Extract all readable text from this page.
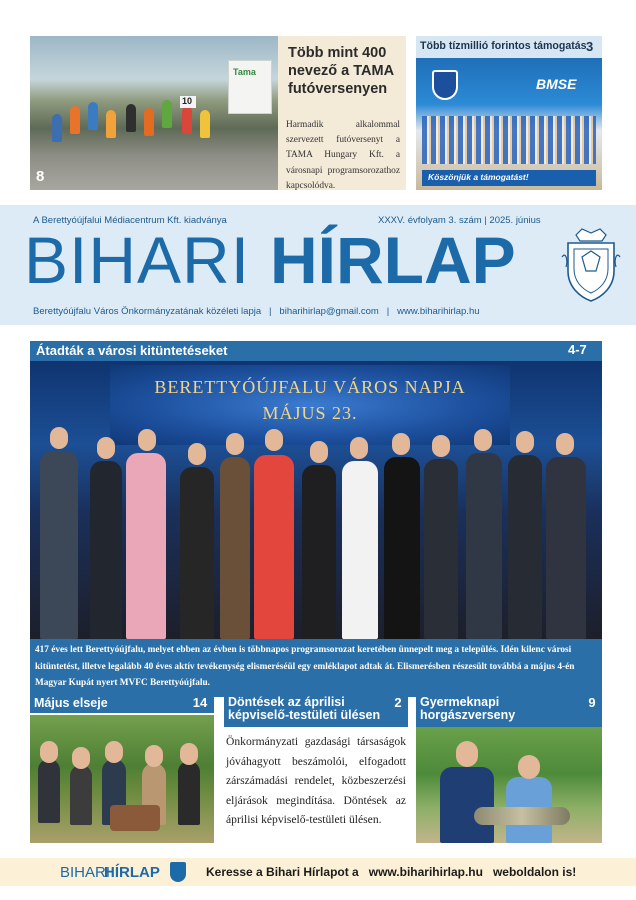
10
Tama
8
Több mint 400 nevező a TAMA futóversenyen
Harmadik alkalommal szervezett futóversenyt a TAMA Hungary Kft. a városnapi programsorozathoz kapcsolódva.
Több tízmillió forintos támogatás 3
BMSE
Köszönjük a támogatást!
A Berettyóújfalui Médiacentrum Kft. kiadványa	XXXV. évfolyam 3. szám | 2025. június
BIHARI HÍRLAP
Berettyóújfalu Város Önkormányzatának közéleti lapja   |   biharihirlap@gmail.com   |   www.biharihirlap.hu
Átadták a városi kitüntetéseket	4-7
BERETTYÓÚJFALU VÁROS NAPJA
MÁJUS 23.
417 éves lett Berettyóújfalu, melyet ebben az évben is többnapos programsorozat keretében ünnepelt meg a település. Idén kilenc városi kitüntetést, illetve legalább 40 éves aktív tevékenység elismeréséül egy emléklapot adtak át. Elismerésben részesült továbbá a május 4-én Magyar Kupát nyert MVFC Berettyóújfalu.
Május elseje	14 Döntések az áprilisi képviselő-testületi ülésen
2
Önkormányzati gazdasági társaságok jóváhagyott beszámolói, elfogadott zárszámadási rendelet, közbeszerzési eljárások megindítása. Döntések az áprilisi képviselő-testületi ülésen.
Gyermeknapi horgászverseny
9
BIHARI
HÍRLAP	Keresse a Bihari Hírlapot a   www.biharihirlap.hu   weboldalon is!
